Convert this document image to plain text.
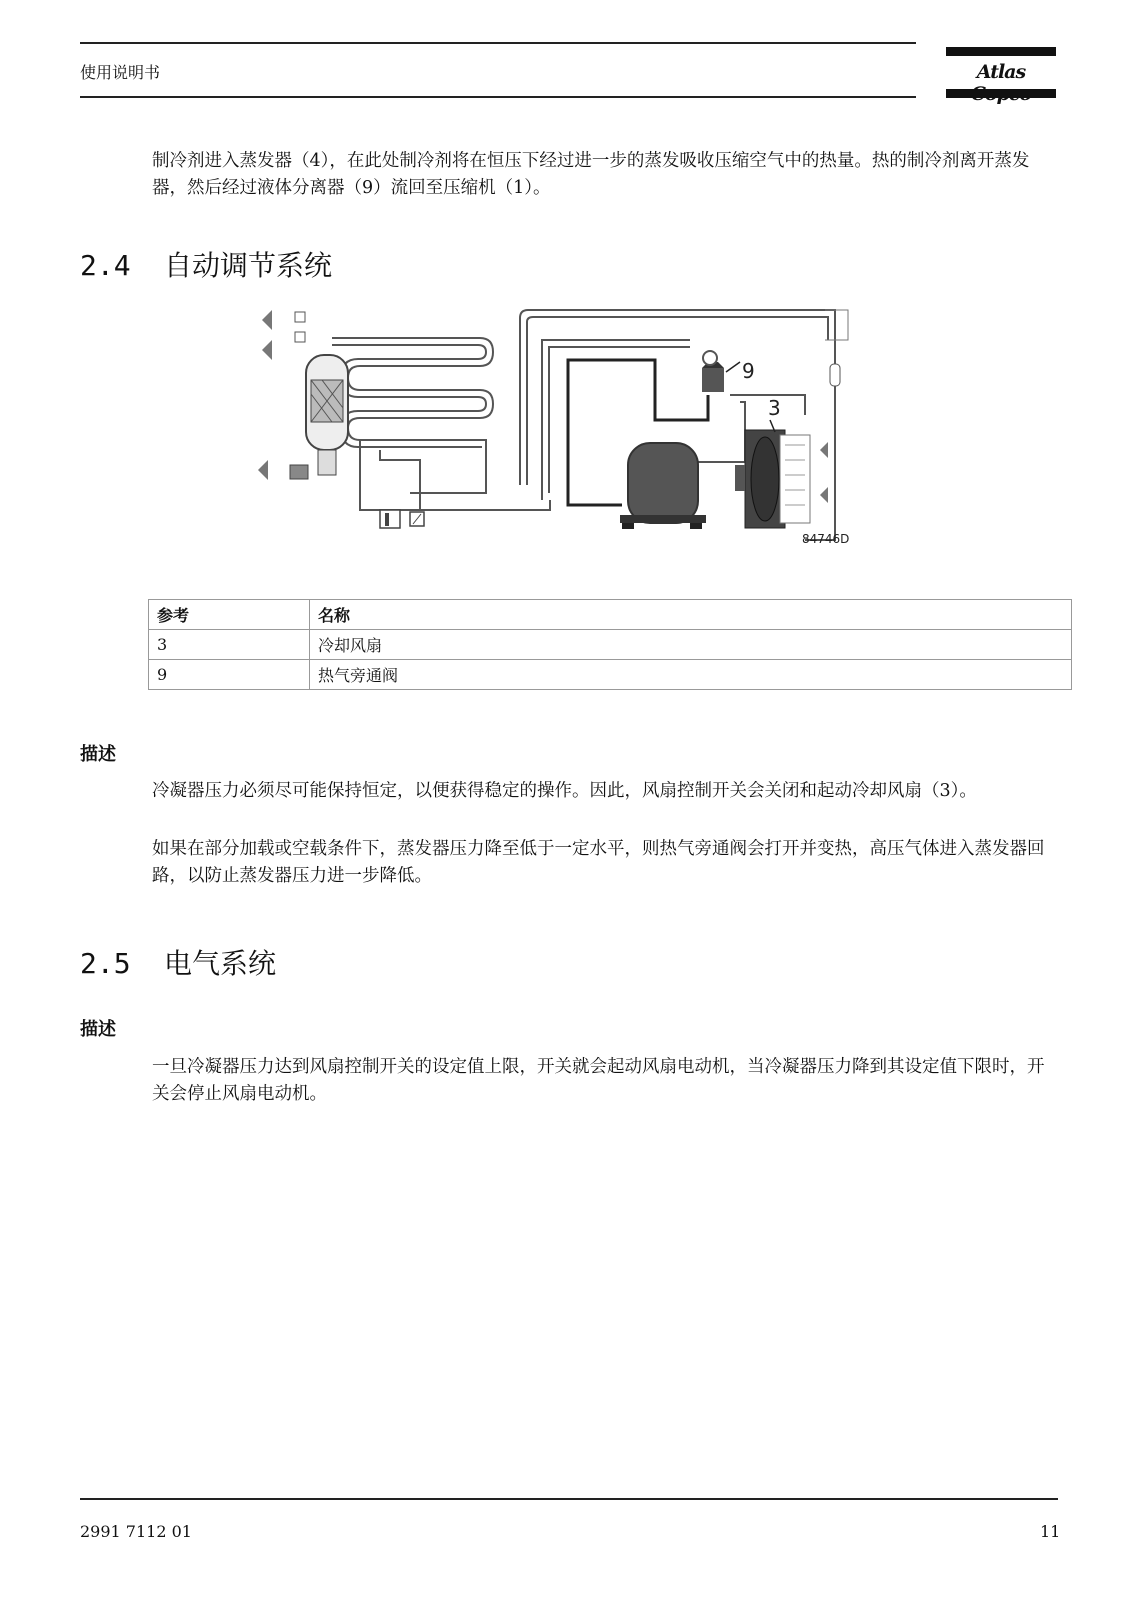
使用说明书	Atlas

制冷剂进入蒸发器（4），在此处制冷剂将在恒压下经过进一步的蒸发吸收压缩空气中的热量。热的制冷剂离开蒸发器，然后经过液体分离器（9）流回至压缩机（1）。

2.4 自动调节系统
9
3
84746D
参考	名称
3	冷却风扇
9	热气旁通阀
描述

冷凝器压力必须尽可能保持恒定，以便获得稳定的操作。因此，风扇控制开关会关闭和起动冷却风扇（3）。

如果在部分加载或空载条件下，蒸发器压力降至低于一定水平，则热气旁通阀会打开并变热，高压气体进入蒸发器回路，以防止蒸发器压力进一步降低。

2.5 电气系统
描述

一旦冷凝器压力达到风扇控制开关的设定值上限，开关就会起动风扇电动机，当冷凝器压力降到其设定值下限时，开关会停止风扇电动机。

2991 7112 01	11
